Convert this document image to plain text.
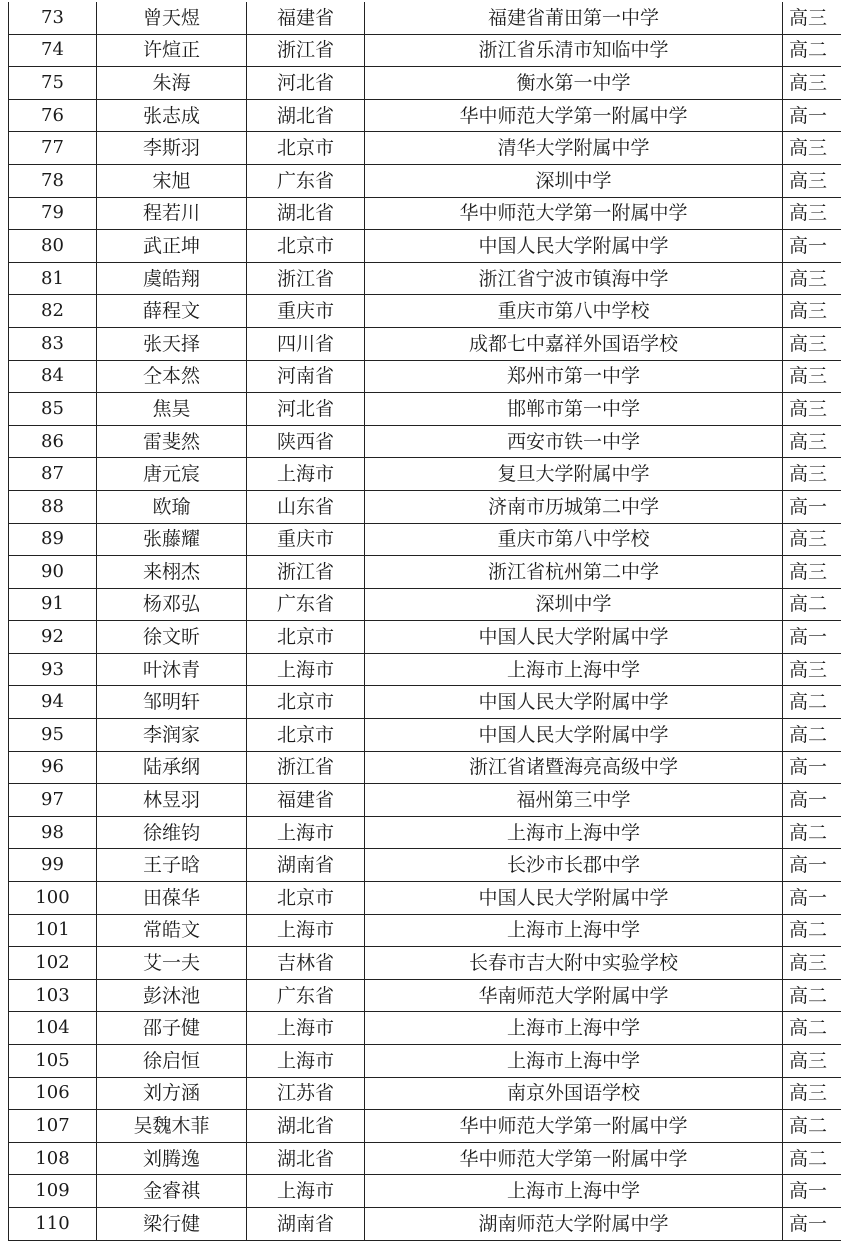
73	曾天煜	福建省	福建省莆田第一中学	高三
74	许煊正	浙江省	浙江省乐清市知临中学	高二
75	朱海	河北省	衡水第一中学	高三
76	张志成	湖北省	华中师范大学第一附属中学	高一
77	李斯羽	北京市	清华大学附属中学	高三
78	宋旭	广东省	深圳中学	高三
79	程若川	湖北省	华中师范大学第一附属中学	高三
80	武正坤	北京市	中国人民大学附属中学	高一
81	虞皓翔	浙江省	浙江省宁波市镇海中学	高三
82	薛程文	重庆市	重庆市第八中学校	高三
83	张天择	四川省	成都七中嘉祥外国语学校	高三
84	仝本然	河南省	郑州市第一中学	高三
85	焦昊	河北省	邯郸市第一中学	高三
86	雷斐然	陕西省	西安市铁一中学	高三
87	唐元宸	上海市	复旦大学附属中学	高三
88	欧瑜	山东省	济南市历城第二中学	高一
89	张藤耀	重庆市	重庆市第八中学校	高三
90	来栩杰	浙江省	浙江省杭州第二中学	高三
91	杨邓弘	广东省	深圳中学	高二
92	徐文昕	北京市	中国人民大学附属中学	高一
93	叶沐青	上海市	上海市上海中学	高三
94	邹明轩	北京市	中国人民大学附属中学	高二
95	李润家	北京市	中国人民大学附属中学	高二
96	陆承纲	浙江省	浙江省诸暨海亮高级中学	高一
97	林昱羽	福建省	福州第三中学	高一
98	徐维钧	上海市	上海市上海中学	高二
99	王子晗	湖南省	长沙市长郡中学	高一
100	田葆华	北京市	中国人民大学附属中学	高一
101	常皓文	上海市	上海市上海中学	高二
102	艾一夫	吉林省	长春市吉大附中实验学校	高三
103	彭沐池	广东省	华南师范大学附属中学	高二
104	邵子健	上海市	上海市上海中学	高二
105	徐启恒	上海市	上海市上海中学	高三
106	刘方涵	江苏省	南京外国语学校	高三
107	吴魏木菲	湖北省	华中师范大学第一附属中学	高二
108	刘腾逸	湖北省	华中师范大学第一附属中学	高二
109	金睿祺	上海市	上海市上海中学	高一
110	梁行健	湖南省	湖南师范大学附属中学	高一
